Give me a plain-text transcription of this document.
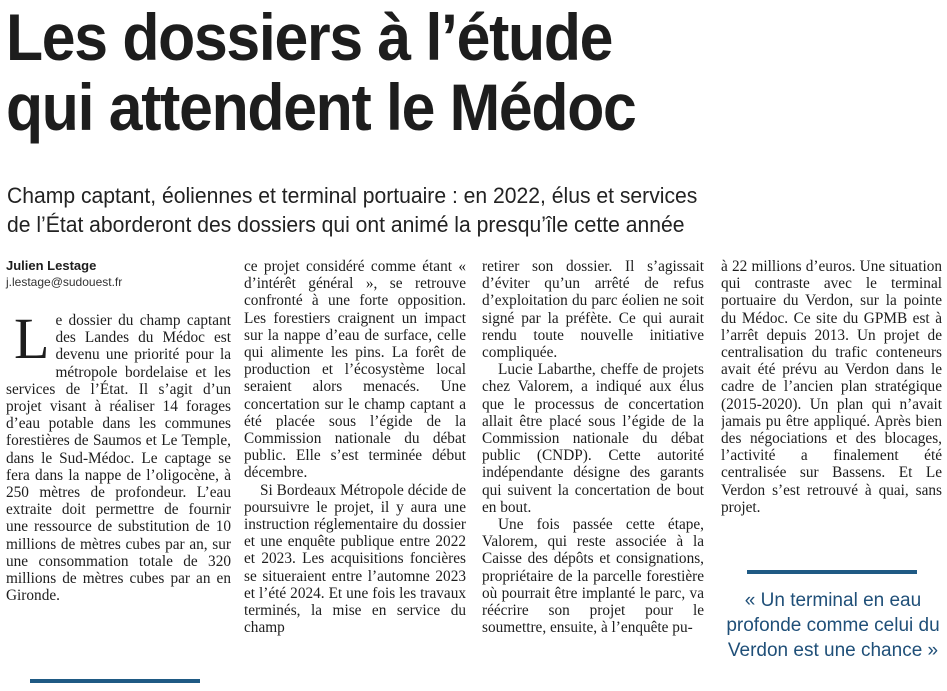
Les dossiers à l’étude
qui attendent le Médoc

Champ captant, éoliennes et terminal portuaire : en 2022, élus et services
de l’État aborderont des dossiers qui ont animé la presqu’île cette année

Julien Lestage
j.lestage@sudouest.fr

Le dossier du champ captant des Landes du Médoc est devenu une priorité pour la métropole bordelaise et les services de l’État. Il s’agit d’un projet visant à réaliser 14 forages d’eau potable dans les communes forestières de Saumos et Le Temple, dans le Sud-Médoc. Le captage se fera dans la nappe de l’oligocène, à 250 mètres de profondeur. L’eau extraite doit permettre de fournir une ressource de substitution de 10 millions de mètres cubes par an, sur une consommation totale de 320 millions de mètres cubes par an en Gironde.

ce projet considéré comme étant « d’intérêt général », se retrouve confronté à une forte opposition. Les forestiers craignent un impact sur la nappe d’eau de surface, celle qui alimente les pins. La forêt de production et l’écosystème local seraient alors menacés. Une concertation sur le champ captant a été placée sous l’égide de la Commission nationale du débat public. Elle s’est terminée début décembre.

Si Bordeaux Métropole décide de poursuivre le projet, il y aura une instruction réglementaire du dossier et une enquête publique entre 2022 et 2023. Les acquisitions foncières se situeraient entre l’automne 2023 et l’été 2024. Et une fois les travaux terminés, la mise en service du champ

retirer son dossier. Il s’agissait d’éviter qu’un arrêté de refus d’exploitation du parc éolien ne soit signé par la préfète. Ce qui aurait rendu toute nouvelle initiative compliquée.

Lucie Labarthe, cheffe de projets chez Valorem, a indiqué aux élus que le processus de concertation allait être placé sous l’égide de la Commission nationale du débat public (CNDP). Cette autorité indépendante désigne des garants qui suivent la concertation de bout en bout.

Une fois passée cette étape, Valorem, qui reste associée à la Caisse des dépôts et consignations, propriétaire de la parcelle forestière où pourrait être implanté le parc, va réécrire son projet pour le soumettre, ensuite, à l’enquête pu-

à 22 millions d’euros. Une situation qui contraste avec le terminal portuaire du Verdon, sur la pointe du Médoc. Ce site du GPMB est à l’arrêt depuis 2013. Un projet de centralisation du trafic conteneurs avait été prévu au Verdon dans le cadre de l’ancien plan stratégique (2015-2020). Un plan qui n’avait jamais pu être appliqué. Après bien des négociations et des blocages, l’activité a finalement été centralisée sur Bassens. Et Le Verdon s’est retrouvé à quai, sans projet.

« Un terminal en eau profonde comme celui du Verdon est une chance »
